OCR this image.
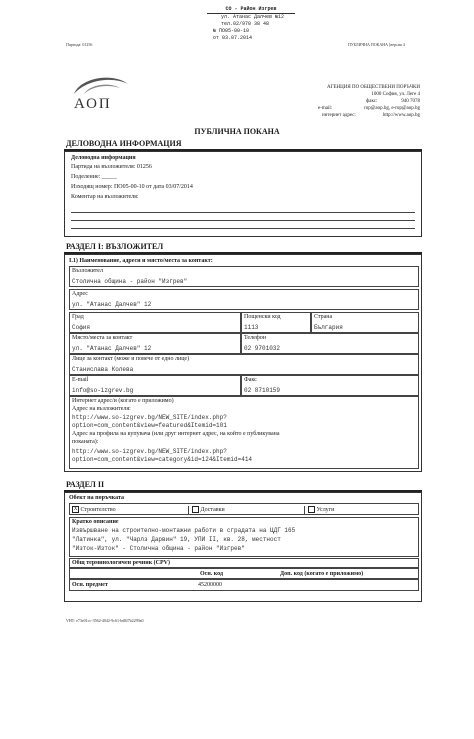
СО - Район Изгрев
ул. Атанас Далчев №12
тел.02/970 38 48
№ ПО05-00-10
от 03.07.2014
Партида: 01256	ПУБЛИЧНА ПОКАНА [версия 4
АОП
АГЕНЦИЯ ПО ОБЩЕСТВЕНИ ПОРЪЧКИ
1000 София, ул. Леге 4
факс:	940 7078
e-mail:	rop@aop.bg, e-rop@aop.bg
интернет адрес:	http://www.aop.bg
ПУБЛИЧНА ПОКАНА
ДЕЛОВОДНА ИНФОРМАЦИЯ
Деловодна информация
Партида на възложителя: 01256
Поделение: _____
Изходящ номер: ПО05-00-10 от дата 03/07/2014
Коментар на възложителя:
РАЗДЕЛ I: ВЪЗЛОЖИТЕЛ
I.1) Наименование, адреси и място/места за контакт:
Възложител
Столична община - район "Изгрев"
Адрес
ул. "Атанас Далчев" 12
Град
София
Пощенски код
1113
Страна
България
Място/места за контакт
ул. "Атанас Далчев" 12
Телефон
02 9701032
Лице за контакт (може и повече от едно лице)
Станислава Колева
E-mail
info@so-izgrev.bg
Факс
02 8710159
Интернет адрес/и (когато е приложимо)
Адрес на възложителя:
http://www.so-izgrev.bg/NEW_SITE/index.php?
option=com_content&view=featured&Itemid=101
Адрес на профила на купувача (или друг интернет адрес, на който е публикувана
поканата):
http://www.so-izgrev.bg/NEW_SITE/index.php?
option=com_content&view=category&id=124&Itemid=414
РАЗДЕЛ II
Обект на поръчката
X Строителство	Доставки	Услуги
Кратко описание
Извършване на строително-монтажни работи в сградата на ЦДГ 165
"Латинка", ул. "Чарлз Дарвин" 19, УПИ II, кв. 28, местност
"Изток-Изток" - Столична община - район "Изгрев"
Общ терминологичен речник (CPV)
Осн. код	Доп. код (когато е приложимо)
Осн. предмет	45200000
VHT: e73e01cc-3562-4042-9c61-bd8f7b2299a0
